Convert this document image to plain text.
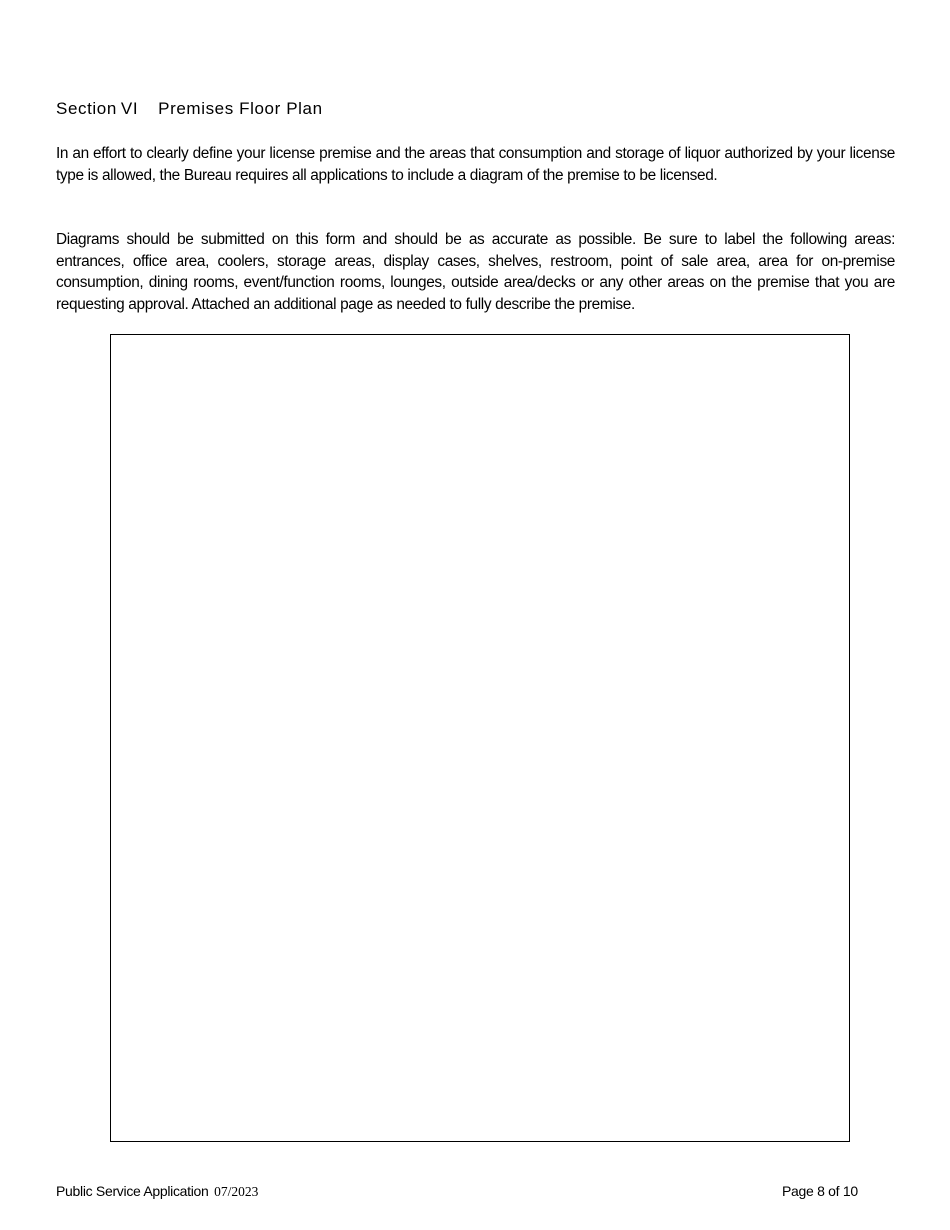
Section VI Premises Floor Plan

In an effort to clearly define your license premise and the areas that consumption and storage of liquor authorized by your license type is allowed, the Bureau requires all applications to include a diagram of the premise to be licensed.

Diagrams should be submitted on this form and should be as accurate as possible. Be sure to label the following areas: entrances, office area, coolers, storage areas, display cases, shelves, restroom, point of sale area, area for on-premise consumption, dining rooms, event/function rooms, lounges, outside area/decks or any other areas on the premise that you are requesting approval. Attached an additional page as needed to fully describe the premise.

Public Service Application 07/2023	Page 8 of 10
